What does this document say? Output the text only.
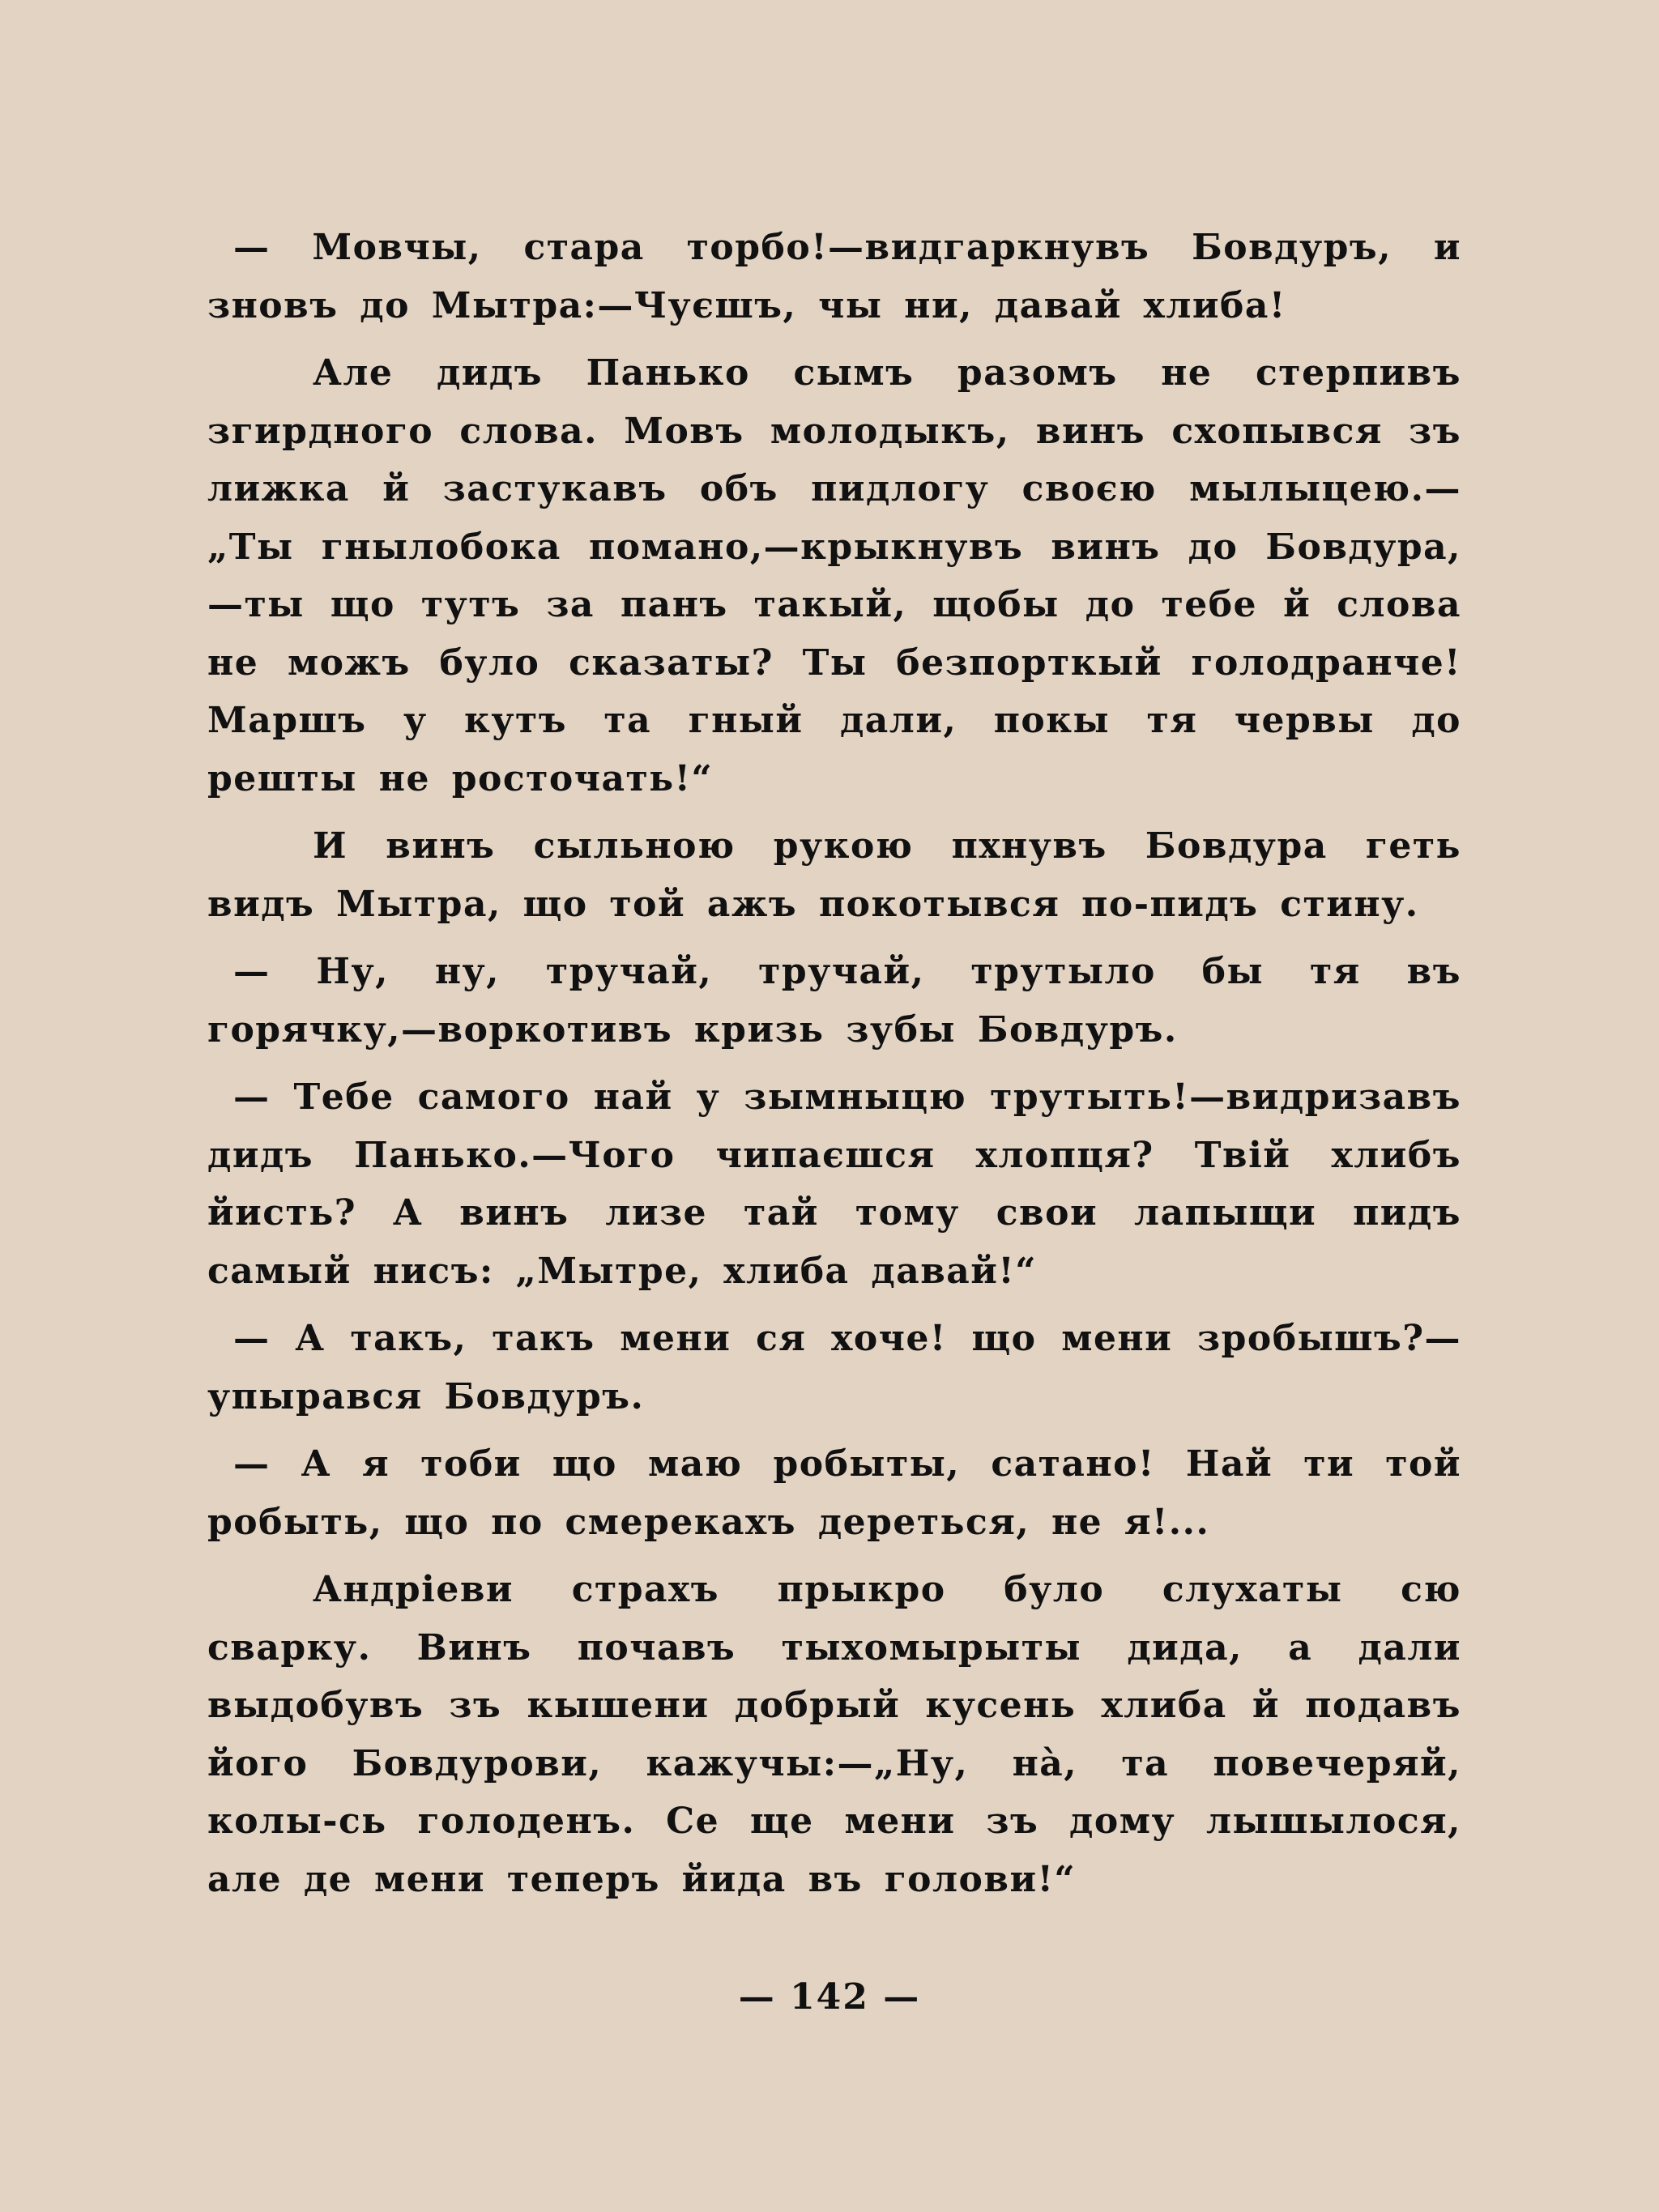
— Мовчы, стара торбо!—видгаркнувъ Бовдуръ, и зновъ до Мытра:—Чуєшъ, чы ни, давай хлиба!

Але дидъ Панько сымъ разомъ не стерпивъ згирдного слова. Мовъ молодыкъ, винъ схопывся зъ лижка й застукавъ объ пидлогу своєю мылыцею.—„Ты гнылобока помано,—крыкнувъ винъ до Бовдура,—ты що тутъ за панъ такый, щобы до тебе й слова не можъ було сказаты? Ты безпорткый голодранче! Маршъ у кутъ та гный дали, покы тя червы до решты не росточать!“

И винъ сыльною рукою пхнувъ Бовдура геть видъ Мытра, що той ажъ покотывся по-пидъ стину.

— Ну, ну, тручай, тручай, трутыло бы тя въ горячку,—воркотивъ кризь зубы Бовдуръ.

— Тебе самого най у зымныцю трутыть!—видризавъ дидъ Панько.—Чого чипаєшся хлопця? Твій хлибъ йисть? А винъ лизе тай тому свои лапыщи пидъ самый нисъ: „Мытре, хлиба давай!“

— А такъ, такъ мени ся хоче! що мени зробышъ?—упырався Бовдуръ.

— А я тоби що маю робыты, сатано! Най ти той робыть, що по смерекахъ дереться, не я!...

Андріеви страхъ прыкро було слухаты сю сварку. Винъ почавъ тыхомырыты дида, а дали выдобувъ зъ кышени добрый кусень хлиба й подавъ його Бовдурови, кажучы:—„Ну, нà, та повечеряй, колы-сь голоденъ. Се ще мени зъ дому лышылося, але де мени теперъ йида въ голови!“

— 142 —
